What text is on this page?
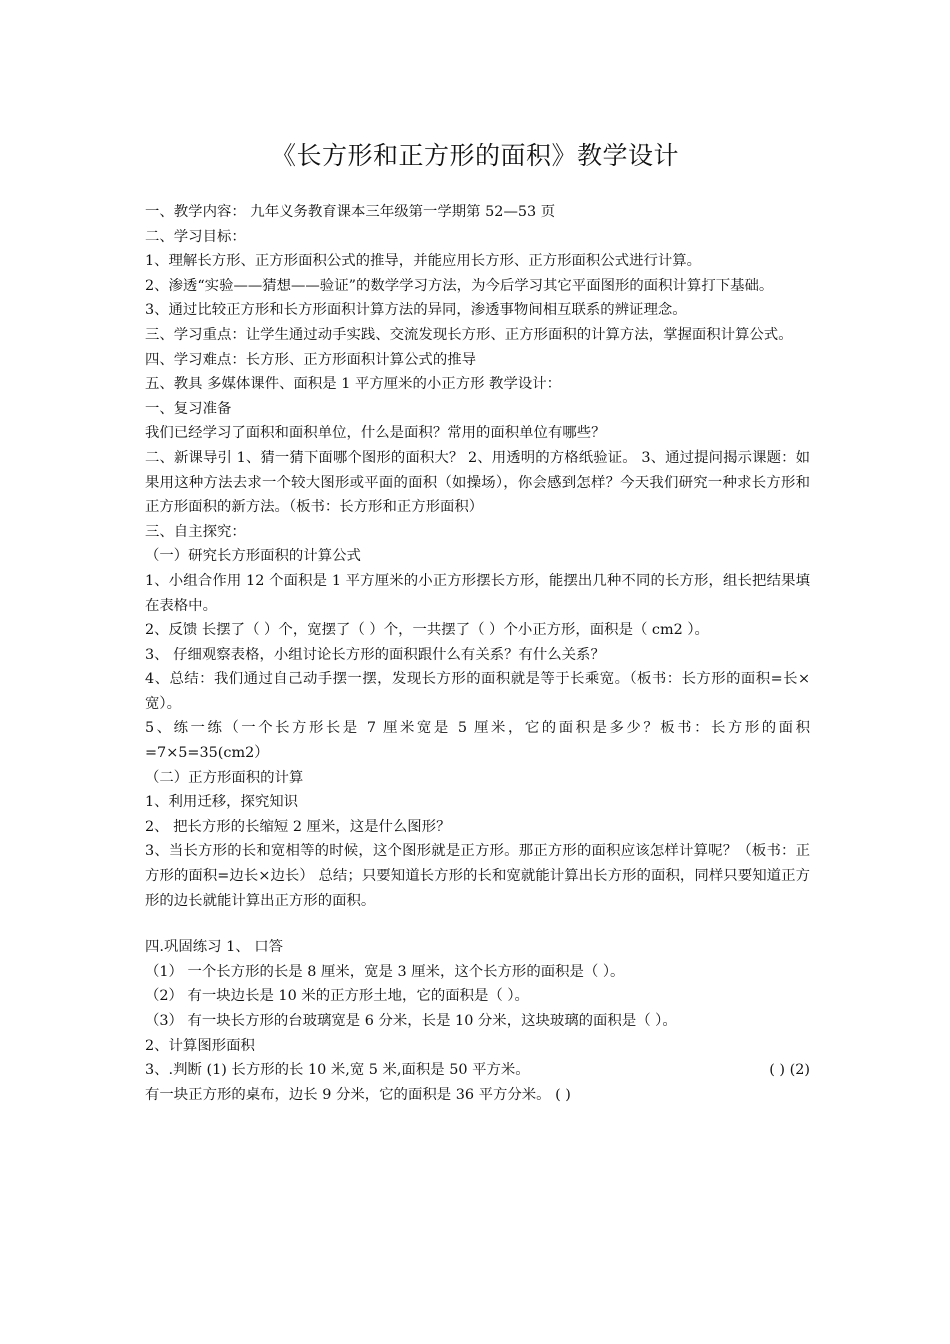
《长方形和正方形的面积》教学设计

一、教学内容： 九年义务教育课本三年级第一学期第 52—53 页

二、学习目标：

1、理解长方形、正方形面积公式的推导，并能应用长方形、正方形面积公式进行计算。

2、渗透“实验——猜想——验证”的数学学习方法，为今后学习其它平面图形的面积计算打下基础。

3、通过比较正方形和长方形面积计算方法的异同，渗透事物间相互联系的辨证理念。

三、学习重点：让学生通过动手实践、交流发现长方形、正方形面积的计算方法，掌握面积计算公式。

四、学习难点：长方形、正方形面积计算公式的推导

五、教具 多媒体课件、面积是 1 平方厘米的小正方形 教学设计：

一、复习准备

我们已经学习了面积和面积单位，什么是面积？常用的面积单位有哪些？

二、新课导引 1、猜一猜下面哪个图形的面积大？ 2、用透明的方格纸验证。 3、通过提问揭示课题：如果用这种方法去求一个较大图形或平面的面积（如操场），你会感到怎样？今天我们研究一种求长方形和正方形面积的新方法。（板书：长方形和正方形面积）

三、自主探究：

（一）研究长方形面积的计算公式

1、小组合作用 12 个面积是 1 平方厘米的小正方形摆长方形，能摆出几种不同的长方形，组长把结果填在表格中。

2、反馈 长摆了（ ）个，宽摆了（ ）个，一共摆了（ ）个小正方形，面积是（ cm2 ）。

3、 仔细观察表格，小组讨论长方形的面积跟什么有关系？有什么关系？

4、总结：我们通过自己动手摆一摆，发现长方形的面积就是等于长乘宽。（板书：长方形的面积=长×宽）。

5、练一练（一个长方形长是 7 厘米宽是 5 厘米，它的面积是多少？板书：长方形的面积=7×5=35(cm2）

（二）正方形面积的计算

1、利用迁移，探究知识

2、 把长方形的长缩短 2 厘米，这是什么图形？

3、当长方形的长和宽相等的时候，这个图形就是正方形。那正方形的面积应该怎样计算呢？（板书：正方形的面积=边长×边长） 总结；只要知道长方形的长和宽就能计算出长方形的面积，同样只要知道正方形的边长就能计算出正方形的面积。

四.巩固练习 1、 口答

（1） 一个长方形的长是 8 厘米，宽是 3 厘米，这个长方形的面积是（ ）。

（2） 有一块边长是 10 米的正方形土地，它的面积是（ ）。

（3） 有一块长方形的台玻璃宽是 6 分米，长是 10 分米，这块玻璃的面积是（ ）。

2、计算图形面积

3、.判断 (1) 长方形的长 10 米,宽 5 米,面积是 50 平方米。	( ) (2)

有一块正方形的桌布，边长 9 分米，它的面积是 36 平方分米。 ( )
